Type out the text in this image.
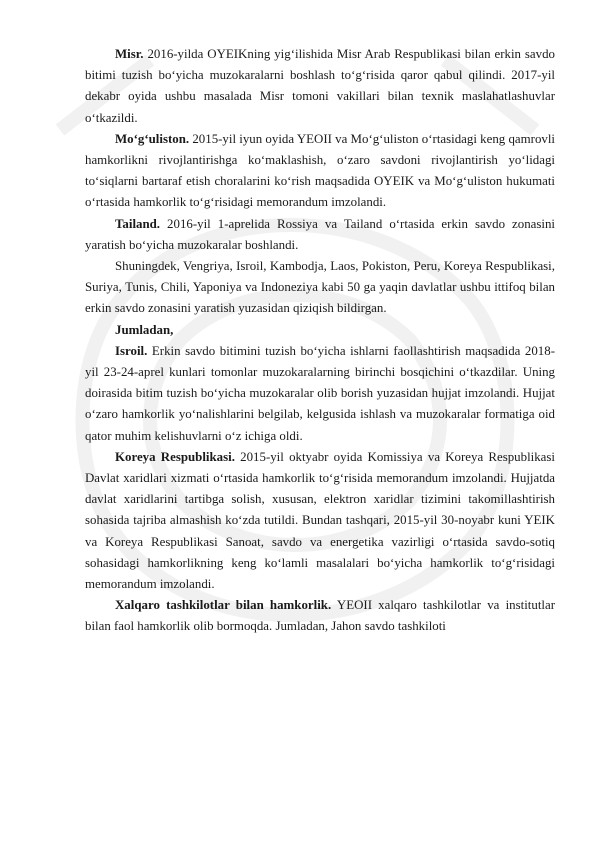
Misr. 2016-yilda OYEIKning yig‘ilishida Misr Arab Respublikasi bilan erkin savdo bitimi tuzish bo‘yicha muzokaralarni boshlash to‘g‘risida qaror qabul qilindi. 2017-yil dekabr oyida ushbu masalada Misr tomoni vakillari bilan texnik maslahatlashuvlar o‘tkazildi.

Mo‘g‘uliston. 2015-yil iyun oyida YEOII va Mo‘g‘uliston o‘rtasidagi keng qamrovli hamkorlikni rivojlantirishga ko‘maklashish, o‘zaro savdoni rivojlantirish yo‘lidagi to‘siqlarni bartaraf etish choralarini ko‘rish maqsadida OYEIK va Mo‘g‘uliston hukumati o‘rtasida hamkorlik to‘g‘risidagi memorandum imzolandi.

Tailand. 2016-yil 1-aprelida Rossiya va Tailand o‘rtasida erkin savdo zonasini yaratish bo‘yicha muzokaralar boshlandi.

Shuningdek, Vengriya, Isroil, Kambodja, Laos, Pokiston, Peru, Koreya Respublikasi, Suriya, Tunis, Chili, Yaponiya va Indoneziya kabi 50 ga yaqin davlatlar ushbu ittifoq bilan erkin savdo zonasini yaratish yuzasidan qiziqish bildirgan.

Jumladan,

Isroil. Erkin savdo bitimini tuzish bo‘yicha ishlarni faollashtirish maqsadida 2018-yil 23-24-aprel kunlari tomonlar muzokaralarning birinchi bosqichini o‘tkazdilar. Uning doirasida bitim tuzish bo‘yicha muzokaralar olib borish yuzasidan hujjat imzolandi. Hujjat o‘zaro hamkorlik yo‘nalishlarini belgilab, kelgusida ishlash va muzokaralar formatiga oid qator muhim kelishuvlarni o‘z ichiga oldi.

Koreya Respublikasi. 2015-yil oktyabr oyida Komissiya va Koreya Respublikasi Davlat xaridlari xizmati o‘rtasida hamkorlik to‘g‘risida memorandum imzolandi. Hujjatda davlat xaridlarini tartibga solish, xususan, elektron xaridlar tizimini takomillashtirish sohasida tajriba almashish ko‘zda tutildi. Bundan tashqari, 2015-yil 30-noyabr kuni YEIK va Koreya Respublikasi Sanoat, savdo va energetika vazirligi o‘rtasida savdo-sotiq sohasidagi hamkorlikning keng ko‘lamli masalalari bo‘yicha hamkorlik to‘g‘risidagi memorandum imzolandi.

Xalqaro tashkilotlar bilan hamkorlik. YEOII xalqaro tashkilotlar va institutlar bilan faol hamkorlik olib bormoqda. Jumladan, Jahon savdo tashkiloti
